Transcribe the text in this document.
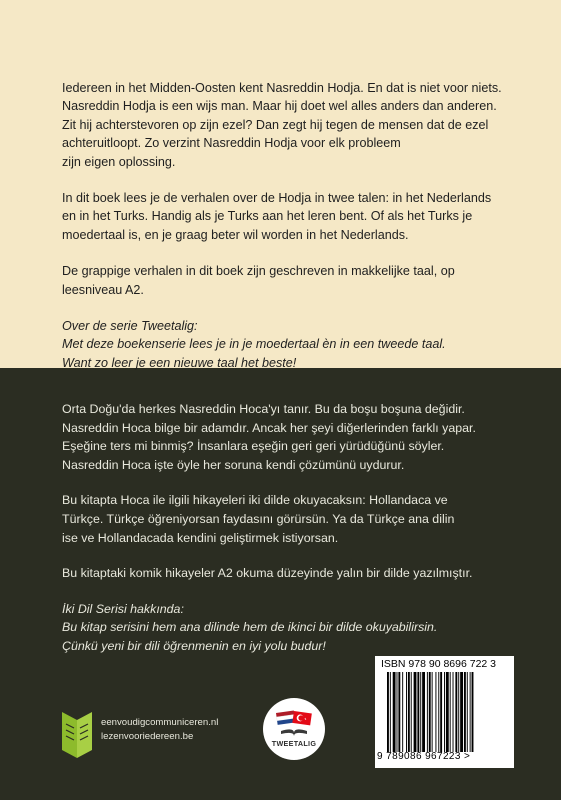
Iedereen in het Midden-Oosten kent Nasreddin Hodja. En dat is niet voor niets.
Nasreddin Hodja is een wijs man. Maar hij doet wel alles anders dan anderen.
Zit hij achterstevoren op zijn ezel? Dan zegt hij tegen de mensen dat de ezel
achteruitloopt. Zo verzint Nasreddin Hodja voor elk probleem
zijn eigen oplossing.

In dit boek lees je de verhalen over de Hodja in twee talen: in het Nederlands
en in het Turks. Handig als je Turks aan het leren bent. Of als het Turks je
moedertaal is, en je graag beter wil worden in het Nederlands.

De grappige verhalen in dit boek zijn geschreven in makkelijke taal, op
leesniveau A2.

Over de serie Tweetalig:
Met deze boekenserie lees je in je moedertaal èn in een tweede taal.
Want zo leer je een nieuwe taal het beste!

Orta Doğu'da herkes Nasreddin Hoca'yı tanır. Bu da boşu boşuna değidir.
Nasreddin Hoca bilge bir adamdır. Ancak her şeyi diğerlerinden farklı yapar.
Eşeğine ters mi binmiş? İnsanlara eşeğin geri geri yürüdüğünü söyler.
Nasreddin Hoca işte öyle her soruna kendi çözümünü uydurur.

Bu kitapta Hoca ile ilgili hikayeleri iki dilde okuyacaksın: Hollandaca ve
Türkçe. Türkçe öğreniyorsan faydasını görürsün. Ya da Türkçe ana dilin
ise ve Hollandacada kendini geliştirmek istiyorsan.

Bu kitaptaki komik hikayeler A2 okuma düzeyinde yalın bir dilde yazılmıştır.

İki Dil Serisi hakkında:
Bu kitap serisini hem ana dilinde hem de ikinci bir dilde okuyabilirsin.
Çünkü yeni bir dili öğrenmenin en iyi yolu budur!

eenvoudigcommuniceren.nl
lezenvooriedereen.be
TWEETALIG
ISBN 978 90 8696 722 3
9 789086 967223 >
